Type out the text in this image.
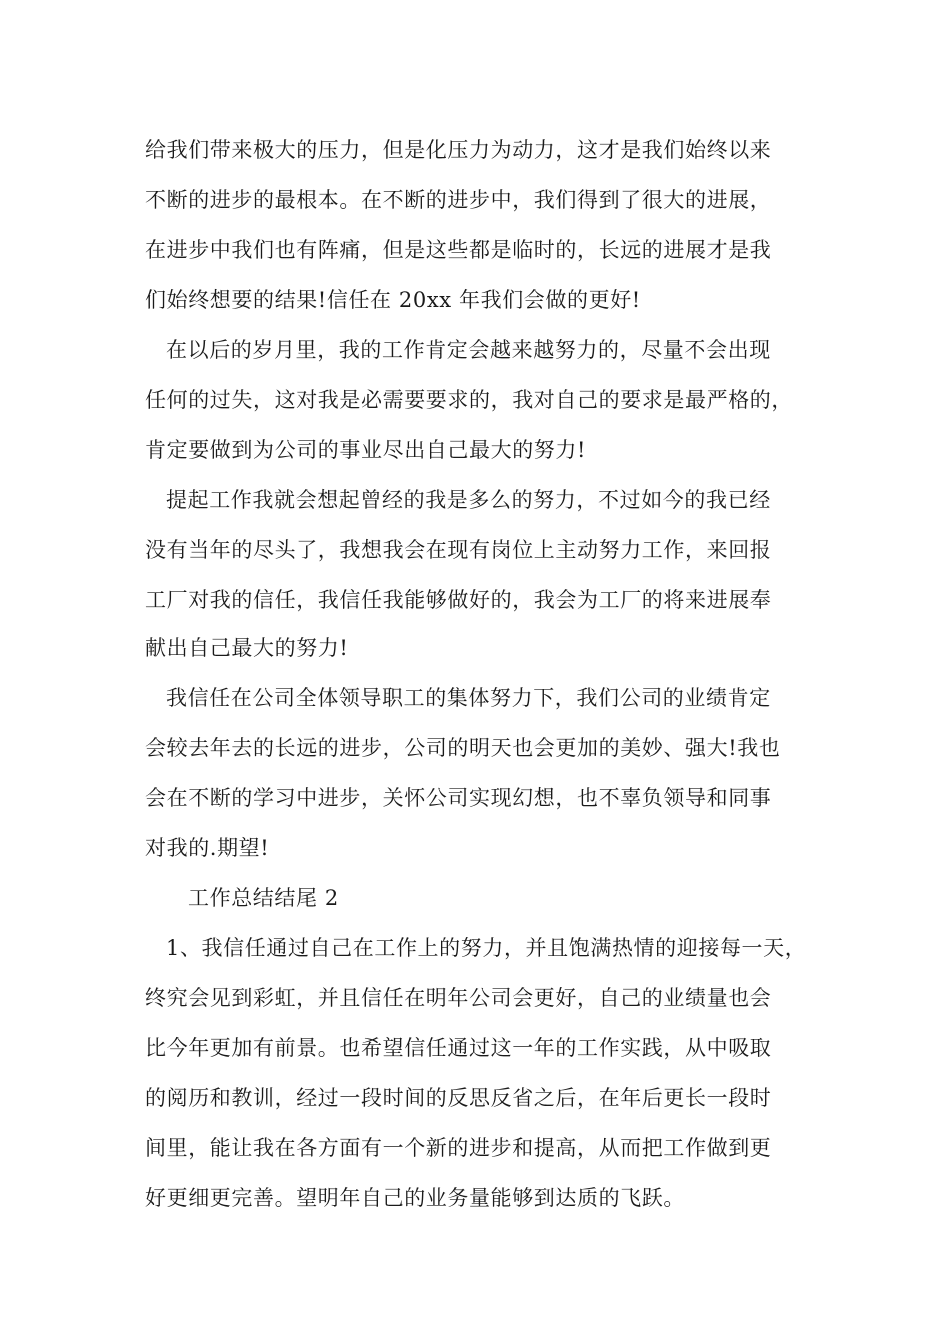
给我们带来极大的压力，但是化压力为动力，这才是我们始终以来
不断的进步的最根本。在不断的进步中，我们得到了很大的进展，
在进步中我们也有阵痛，但是这些都是临时的，长远的进展才是我
们始终想要的结果!信任在 20xx 年我们会做的更好!
在以后的岁月里，我的工作肯定会越来越努力的，尽量不会出现
任何的过失，这对我是必需要要求的，我对自己的要求是最严格的，
肯定要做到为公司的事业尽出自己最大的努力!
提起工作我就会想起曾经的我是多么的努力，不过如今的我已经
没有当年的尽头了，我想我会在现有岗位上主动努力工作，来回报
工厂对我的信任，我信任我能够做好的，我会为工厂的将来进展奉
献出自己最大的努力!
我信任在公司全体领导职工的集体努力下，我们公司的业绩肯定
会较去年去的长远的进步，公司的明天也会更加的美妙、强大!我也
会在不断的学习中进步，关怀公司实现幻想，也不辜负领导和同事
对我的.期望!
工作总结结尾 2
1、我信任通过自己在工作上的努力，并且饱满热情的迎接每一天，
终究会见到彩虹，并且信任在明年公司会更好，自己的业绩量也会
比今年更加有前景。也希望信任通过这一年的工作实践，从中吸取
的阅历和教训，经过一段时间的反思反省之后，在年后更长一段时
间里，能让我在各方面有一个新的进步和提高，从而把工作做到更
好更细更完善。望明年自己的业务量能够到达质的飞跃。
